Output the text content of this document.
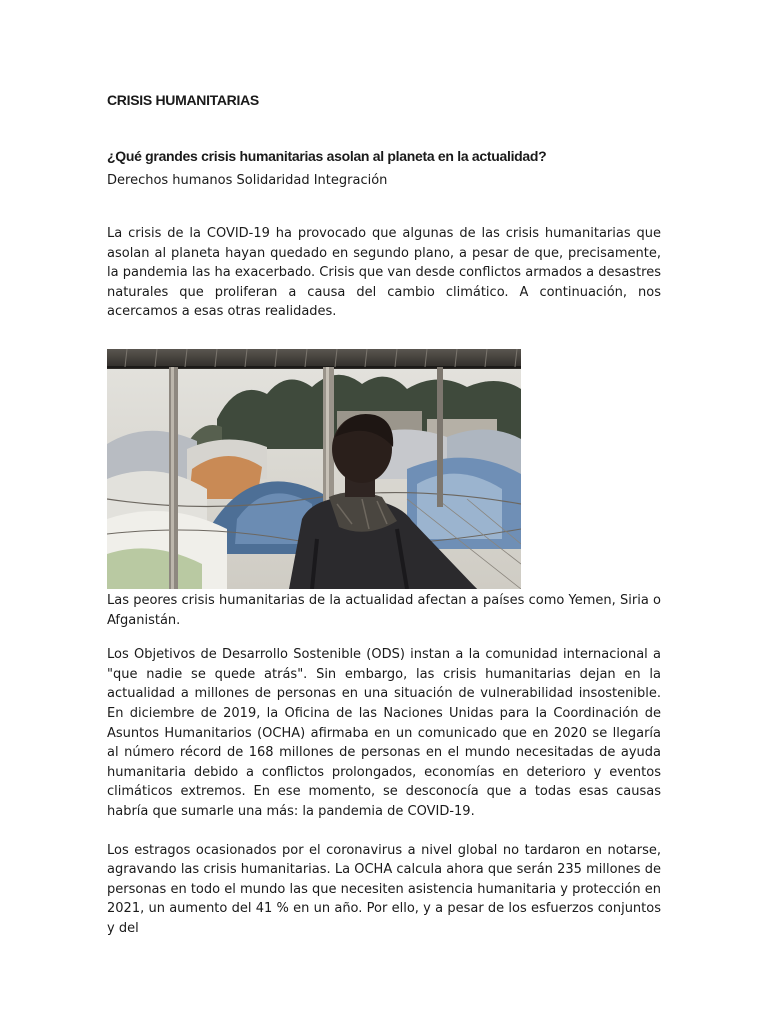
CRISIS HUMANITARIAS
¿Qué grandes crisis humanitarias asolan al planeta en la actualidad?
Derechos humanos Solidaridad Integración

La crisis de la COVID-19 ha provocado que algunas de las crisis humanitarias que asolan al planeta hayan quedado en segundo plano, a pesar de que, precisamente, la pandemia las ha exacerbado. Crisis que van desde conflictos armados a desastres naturales que proliferan a causa del cambio climático. A continuación, nos acercamos a esas otras realidades.

Las peores crisis humanitarias de la actualidad afectan a países como Yemen, Siria o Afganistán.

Los Objetivos de Desarrollo Sostenible (ODS) instan a la comunidad internacional a "que nadie se quede atrás". Sin embargo, las crisis humanitarias dejan en la actualidad a millones de personas en una situación de vulnerabilidad insostenible. En diciembre de 2019, la Oficina de las Naciones Unidas para la Coordinación de Asuntos Humanitarios (OCHA) afirmaba en un comunicado que en 2020 se llegaría al número récord de 168 millones de personas en el mundo necesitadas de ayuda humanitaria debido a conflictos prolongados, economías en deterioro y eventos climáticos extremos. En ese momento, se desconocía que a todas esas causas habría que sumarle una más: la pandemia de COVID-19.

Los estragos ocasionados por el coronavirus a nivel global no tardaron en notarse, agravando las crisis humanitarias. La OCHA calcula ahora que serán 235 millones de personas en todo el mundo las que necesiten asistencia humanitaria y protección en 2021, un aumento del 41 % en un año. Por ello, y a pesar de los esfuerzos conjuntos y del
